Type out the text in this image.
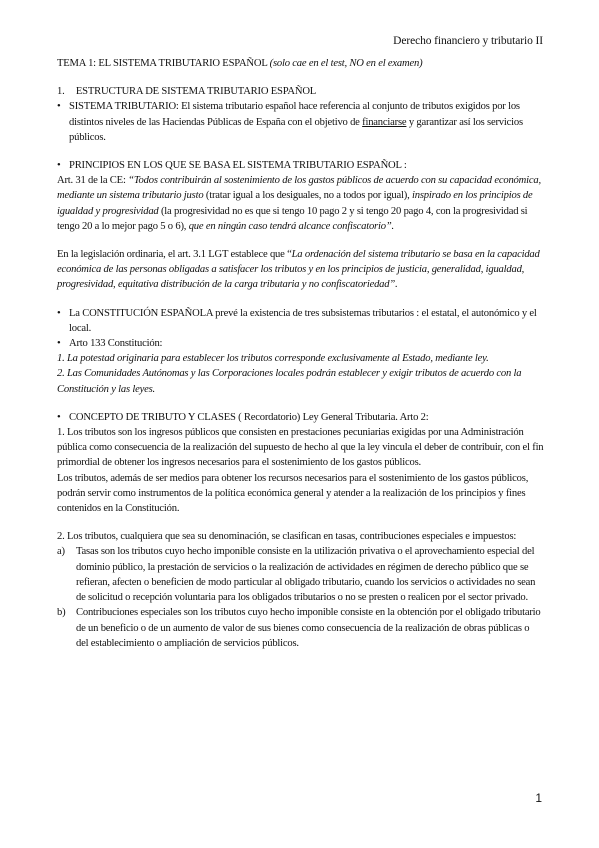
Derecho financiero y tributario II

TEMA 1: EL SISTEMA TRIBUTARIO ESPAÑOL (solo cae en el test, NO en el examen)

1. ESTRUCTURA DE SISTEMA TRIBUTARIO ESPAÑOL

• SISTEMA TRIBUTARIO: El sistema tributario español hace referencia al conjunto de tributos exigidos por los distintos niveles de las Haciendas Públicas de España con el objetivo de financiarse y garantizar así los servicios públicos.

• PRINCIPIOS EN LOS QUE SE BASA EL SISTEMA TRIBUTARIO ESPAÑOL :

Art. 31 de la CE: “Todos contribuirán al sostenimiento de los gastos públicos de acuerdo con su capacidad económica, mediante un sistema tributario justo (tratar igual a los desiguales, no a todos por igual), inspirado en los principios de igualdad y progresividad (la progresividad no es que si tengo 10 pago 2 y si tengo 20 pago 4, con la progresividad si tengo 20 a lo mejor pago 5 o 6), que en ningún caso tendrá alcance confiscatorio”.

En la legislación ordinaria, el art. 3.1 LGT establece que “La ordenación del sistema tributario se basa en la capacidad económica de las personas obligadas a satisfacer los tributos y en los principios de justicia, generalidad, igualdad, progresividad, equitativa distribución de la carga tributaria y no confiscatoriedad”.

• La CONSTITUCIÓN ESPAÑOLA prevé la existencia de tres subsistemas tributarios : el estatal, el autonómico y el local.

• Arto 133 Constitución:

1. La potestad originaria para establecer los tributos corresponde exclusivamente al Estado, mediante ley.

2. Las Comunidades Autónomas y las Corporaciones locales podrán establecer y exigir tributos de acuerdo con la Constitución y las leyes.

• CONCEPTO DE TRIBUTO Y CLASES ( Recordatorio) Ley General Tributaria. Arto 2:

1. Los tributos son los ingresos públicos que consisten en prestaciones pecuniarias exigidas por una Administración pública como consecuencia de la realización del supuesto de hecho al que la ley vincula el deber de contribuir, con el fin primordial de obtener los ingresos necesarios para el sostenimiento de los gastos públicos.

Los tributos, además de ser medios para obtener los recursos necesarios para el sostenimiento de los gastos públicos, podrán servir como instrumentos de la política económica general y atender a la realización de los principios y fines contenidos en la Constitución.

2. Los tributos, cualquiera que sea su denominación, se clasifican en tasas, contribuciones especiales e impuestos:

a) Tasas son los tributos cuyo hecho imponible consiste en la utilización privativa o el aprovechamiento especial del dominio público, la prestación de servicios o la realización de actividades en régimen de derecho público que se refieran, afecten o beneficien de modo particular al obligado tributario, cuando los servicios o actividades no sean de solicitud o recepción voluntaria para los obligados tributarios o no se presten o realicen por el sector privado.

b) Contribuciones especiales son los tributos cuyo hecho imponible consiste en la obtención por el obligado tributario de un beneficio o de un aumento de valor de sus bienes como consecuencia de la realización de obras públicas o del establecimiento o ampliación de servicios públicos.

1
